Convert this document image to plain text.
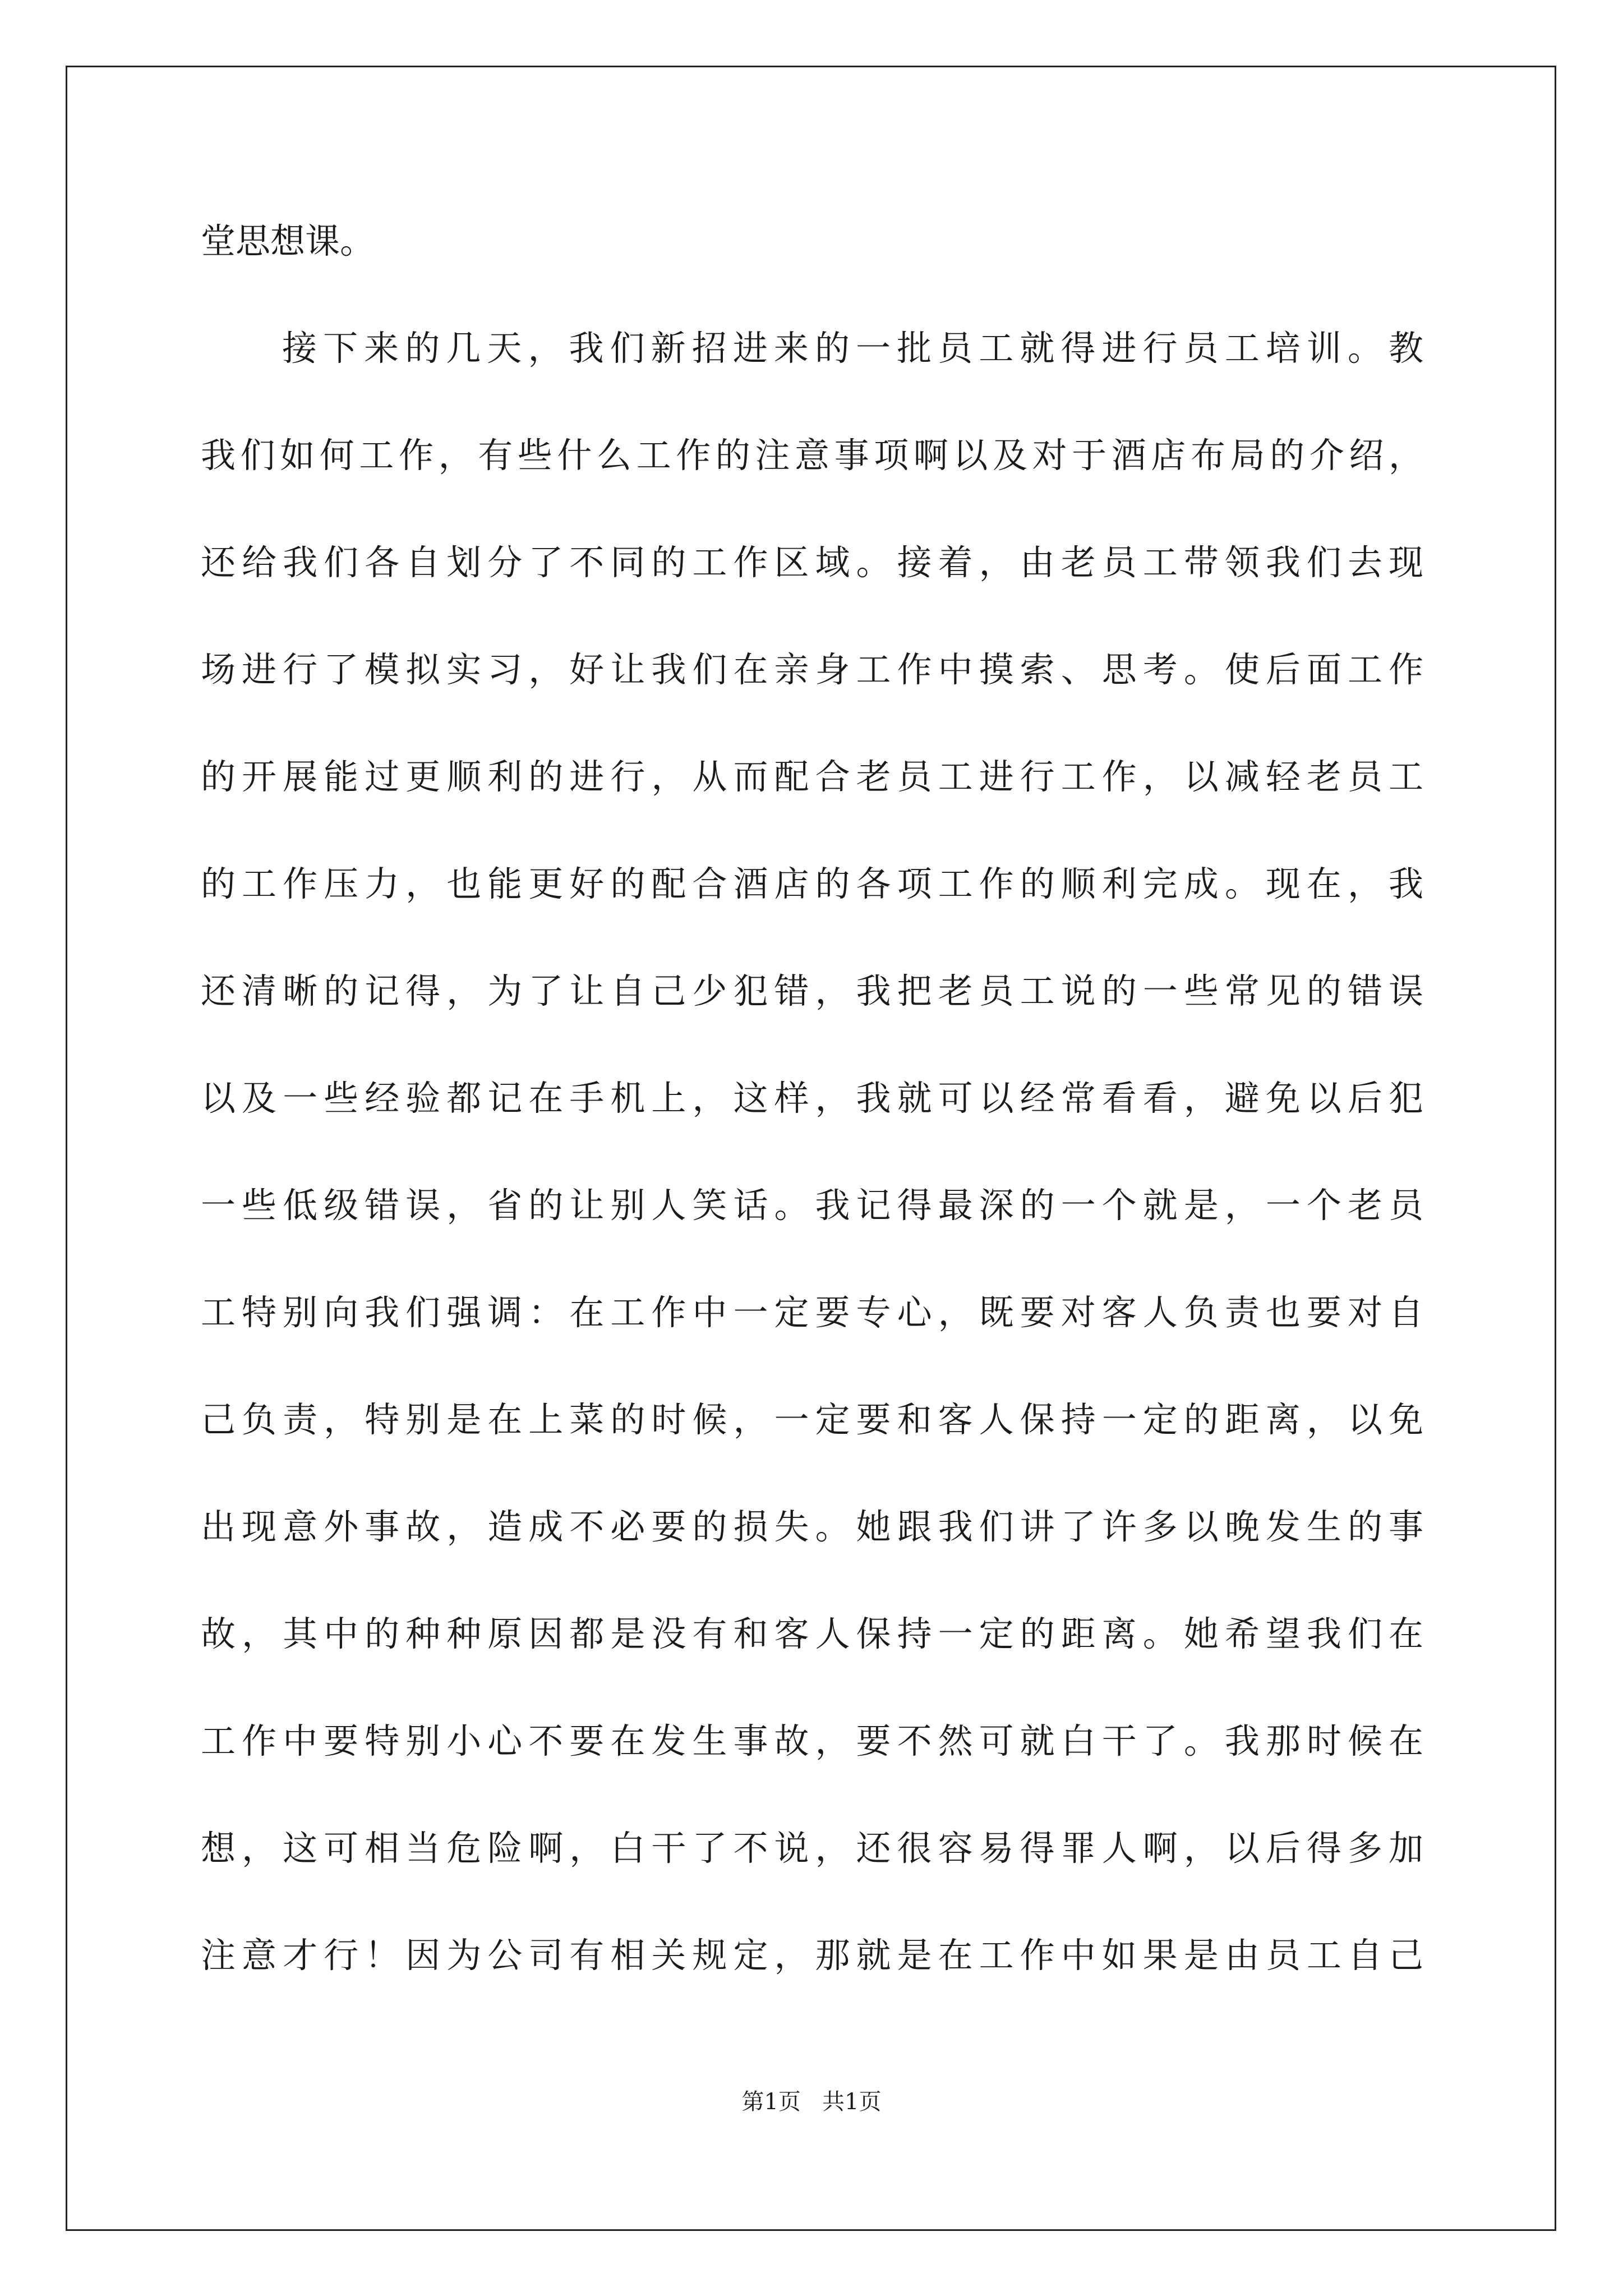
堂思想课。
接下来的几天，我们新招进来的一批员工就得进行员工培训。教
我们如何工作，有些什么工作的注意事项啊以及对于酒店布局的介绍，
还给我们各自划分了不同的工作区域。接着，由老员工带领我们去现
场进行了模拟实习，好让我们在亲身工作中摸索、思考。使后面工作
的开展能过更顺利的进行，从而配合老员工进行工作，以减轻老员工
的工作压力，也能更好的配合酒店的各项工作的顺利完成。现在，我
还清晰的记得，为了让自己少犯错，我把老员工说的一些常见的错误
以及一些经验都记在手机上，这样，我就可以经常看看，避免以后犯
一些低级错误，省的让别人笑话。我记得最深的一个就是，一个老员
工特别向我们强调：在工作中一定要专心，既要对客人负责也要对自
己负责，特别是在上菜的时候，一定要和客人保持一定的距离，以免
出现意外事故，造成不必要的损失。她跟我们讲了许多以晚发生的事
故，其中的种种原因都是没有和客人保持一定的距离。她希望我们在
工作中要特别小心不要在发生事故，要不然可就白干了。我那时候在
想，这可相当危险啊，白干了不说，还很容易得罪人啊，以后得多加
注意才行！因为公司有相关规定，那就是在工作中如果是由员工自己
第1页   共1页
